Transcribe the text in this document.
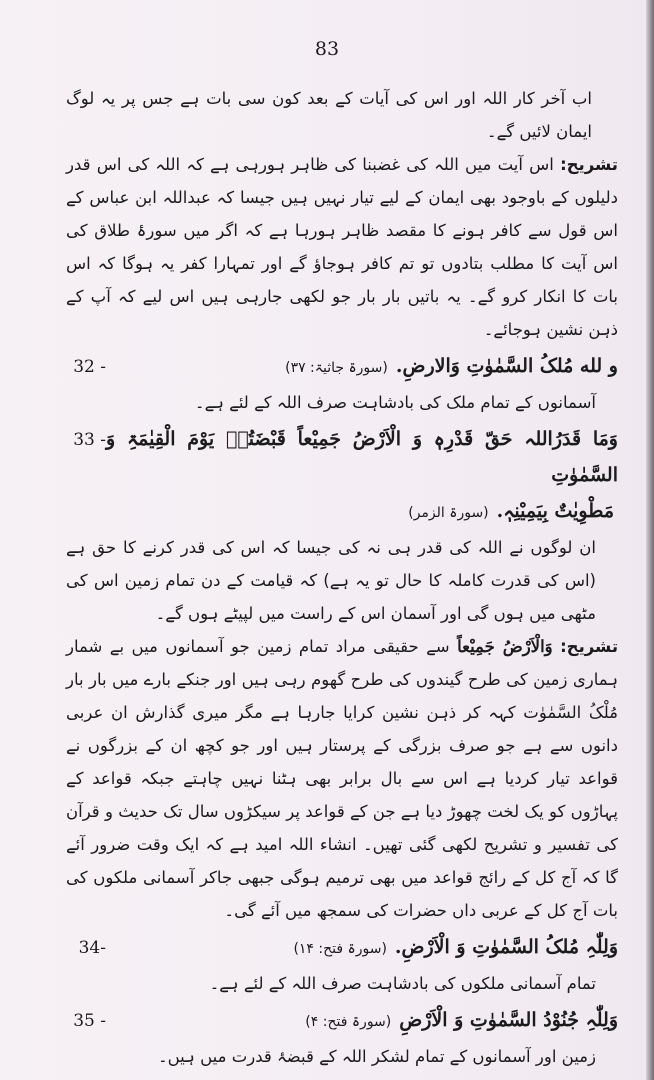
83

اب آخر کار اللہ اور اس کی آیات کے بعد کون سی بات ہے جس پر یہ لوگ ایمان لائیں گے۔

تشریح: اس آیت میں اللہ کی غضبنا کی ظاہر ہورہی ہے کہ اللہ کی اس قدر دلیلوں کے باوجود بھی ایمان کے لیے تیار نہیں ہیں جیسا کہ عبداللہ ابن عباس کے اس قول سے کافر ہونے کا مقصد ظاہر ہورہا ہے کہ اگر میں سورۂ طلاق کی اس آیت کا مطلب بتادوں تو تم کافر ہوجاؤ گے اور تمہارا کفر یہ ہوگا کہ اس بات کا انکار کرو گے۔ یہ باتیں بار بار جو لکھی جارہی ہیں اس لیے کہ آپ کے ذہن نشین ہوجائے۔

و لله مُلکُ السَّمٰوٰتِ وَالارضِ.(سورۃ جاثیۃ: ۳۷)
32 -

آسمانوں کے تمام ملک کی بادشاہت صرف اللہ کے لئے ہے۔

وَمَا قَدَرُاللہ حَقّ قَدْرِہٖ وَ الْاَرْضُ جَمِیْعاً قَبْضَتُہٗ یَوْمَ الْقِیٰمَۃِ وَ السَّمٰوٰتِ
33 -
مَطْوِیٰتٌ بِیَمِیْنِہٖ.(سورۃ الزمر)

ان لوگوں نے اللہ کی قدر ہی نہ کی جیسا کہ اس کی قدر کرنے کا حق ہے (اس کی قدرت کاملہ کا حال تو یہ ہے) کہ قیامت کے دن تمام زمین اس کی مٹھی میں ہوں گی اور آسمان اس کے راست میں لپیٹے ہوں گے۔

تشریح: وَالْاَرْضُ جَمِیْعاً سے حقیقی مراد تمام زمین جو آسمانوں میں بے شمار ہماری زمین کی طرح گیندوں کی طرح گھوم رہی ہیں اور جنکے بارے میں بار بار مُلْکُ السَّمٰوٰت کہہ کر ذہن نشین کرایا جارہا ہے مگر میری گذارش ان عربی دانوں سے ہے جو صرف بزرگی کے پرستار ہیں اور جو کچھ ان کے بزرگوں نے قواعد تیار کردیا ہے اس سے بال برابر بھی ہٹنا نہیں چاہتے جبکہ قواعد کے پہاڑوں کو یک لخت چھوڑ دیا ہے جن کے قواعد پر سیکڑوں سال تک حدیث و قرآن کی تفسیر و تشریح لکھی گئی تھیں۔ انشاء اللہ امید ہے کہ ایک وقت ضرور آئے گا کہ آج کل کے رائج قواعد میں بھی ترمیم ہوگی جبھی جاکر آسمانی ملکوں کی بات آج کل کے عربی داں حضرات کی سمجھ میں آئے گی۔

وَلِلّٰہِ مُلکُ السَّمٰوٰتِ وَ الْاَرْضِ.(سورۃ فتح: ۱۴)
34-

تمام آسمانی ملکوں کی بادشاہت صرف اللہ کے لئے ہے۔

وَلِلّٰہِ جُنُوْدُ السَّمٰوٰتِ وَ الْاَرْضِ(سورۃ فتح: ۴)
35 -

زمین اور آسمانوں کے تمام لشکر اللہ کے قبضۂ قدرت میں ہیں۔
